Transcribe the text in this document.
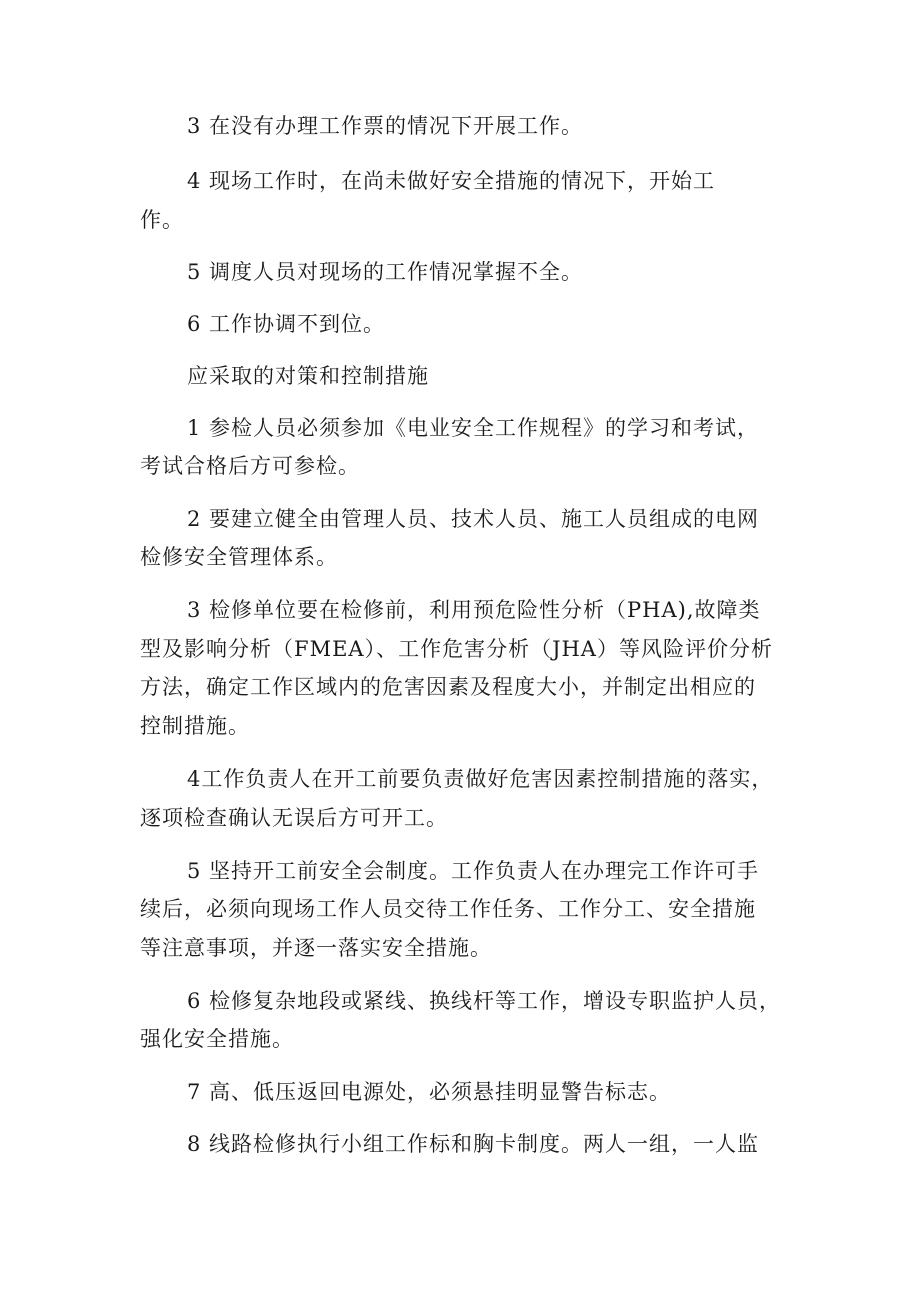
3 在没有办理工作票的情况下开展工作。
4 现场工作时，在尚未做好安全措施的情况下，开始工
作。
5 调度人员对现场的工作情况掌握不全。
6 工作协调不到位。
应采取的对策和控制措施
1 参检人员必须参加《电业安全工作规程》的学习和考试，
考试合格后方可参检。
2 要建立健全由管理人员、技术人员、施工人员组成的电网
检修安全管理体系。
3 检修单位要在检修前，利用预危险性分析（PHA),故障类
型及影响分析（FMEA）、工作危害分析（JHA）等风险评价分析
方法，确定工作区域内的危害因素及程度大小，并制定出相应的
控制措施。
4工作负责人在开工前要负责做好危害因素控制措施的落实，
逐项检查确认无误后方可开工。
5 坚持开工前安全会制度。工作负责人在办理完工作许可手
续后，必须向现场工作人员交待工作任务、工作分工、安全措施
等注意事项，并逐一落实安全措施。
6 检修复杂地段或紧线、换线杆等工作，增设专职监护人员，
强化安全措施。
7 高、低压返回电源处，必须悬挂明显警告标志。
8 线路检修执行小组工作标和胸卡制度。两人一组，一人监
